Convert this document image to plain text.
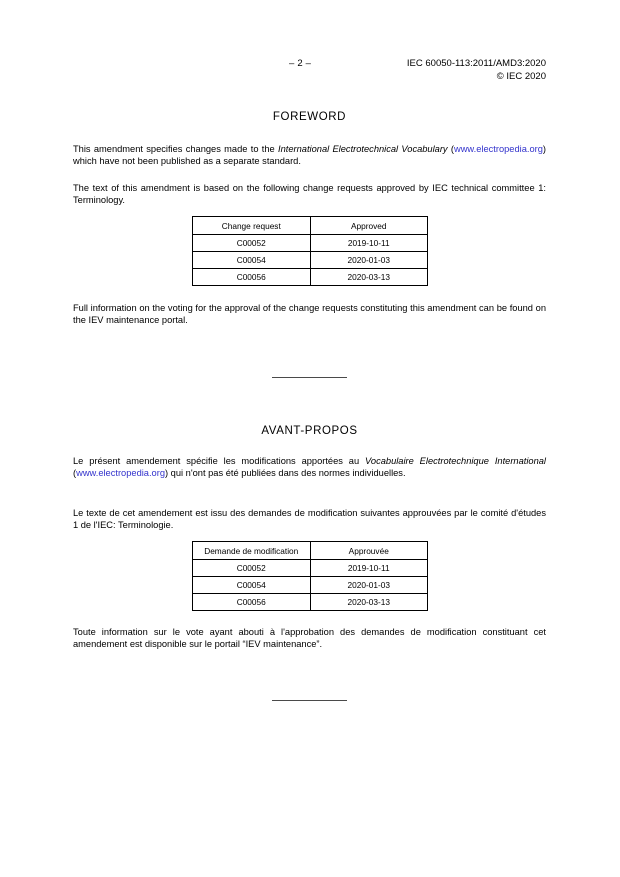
– 2 –	IEC 60050-113:2011/AMD3:2020
© IEC 2020
FOREWORD

This amendment specifies changes made to the International Electrotechnical Vocabulary (www.electropedia.org) which have not been published as a separate standard.

The text of this amendment is based on the following change requests approved by IEC technical committee 1: Terminology.

Change request	Approved
C00052	2019-10-11
C00054	2020-01-03
C00056	2020-03-13

Full information on the voting for the approval of the change requests constituting this amendment can be found on the IEV maintenance portal.

AVANT-PROPOS

Le présent amendement spécifie les modifications apportées au Vocabulaire Electrotechnique International (www.electropedia.org) qui n'ont pas été publiées dans des normes individuelles.

Le texte de cet amendement est issu des demandes de modification suivantes approuvées par le comité d'études 1 de l'IEC: Terminologie.

Demande de modification	Approuvée
C00052	2019-10-11
C00054	2020-01-03
C00056	2020-03-13

Toute information sur le vote ayant abouti à l'approbation des demandes de modification constituant cet amendement est disponible sur le portail “IEV maintenance”.
